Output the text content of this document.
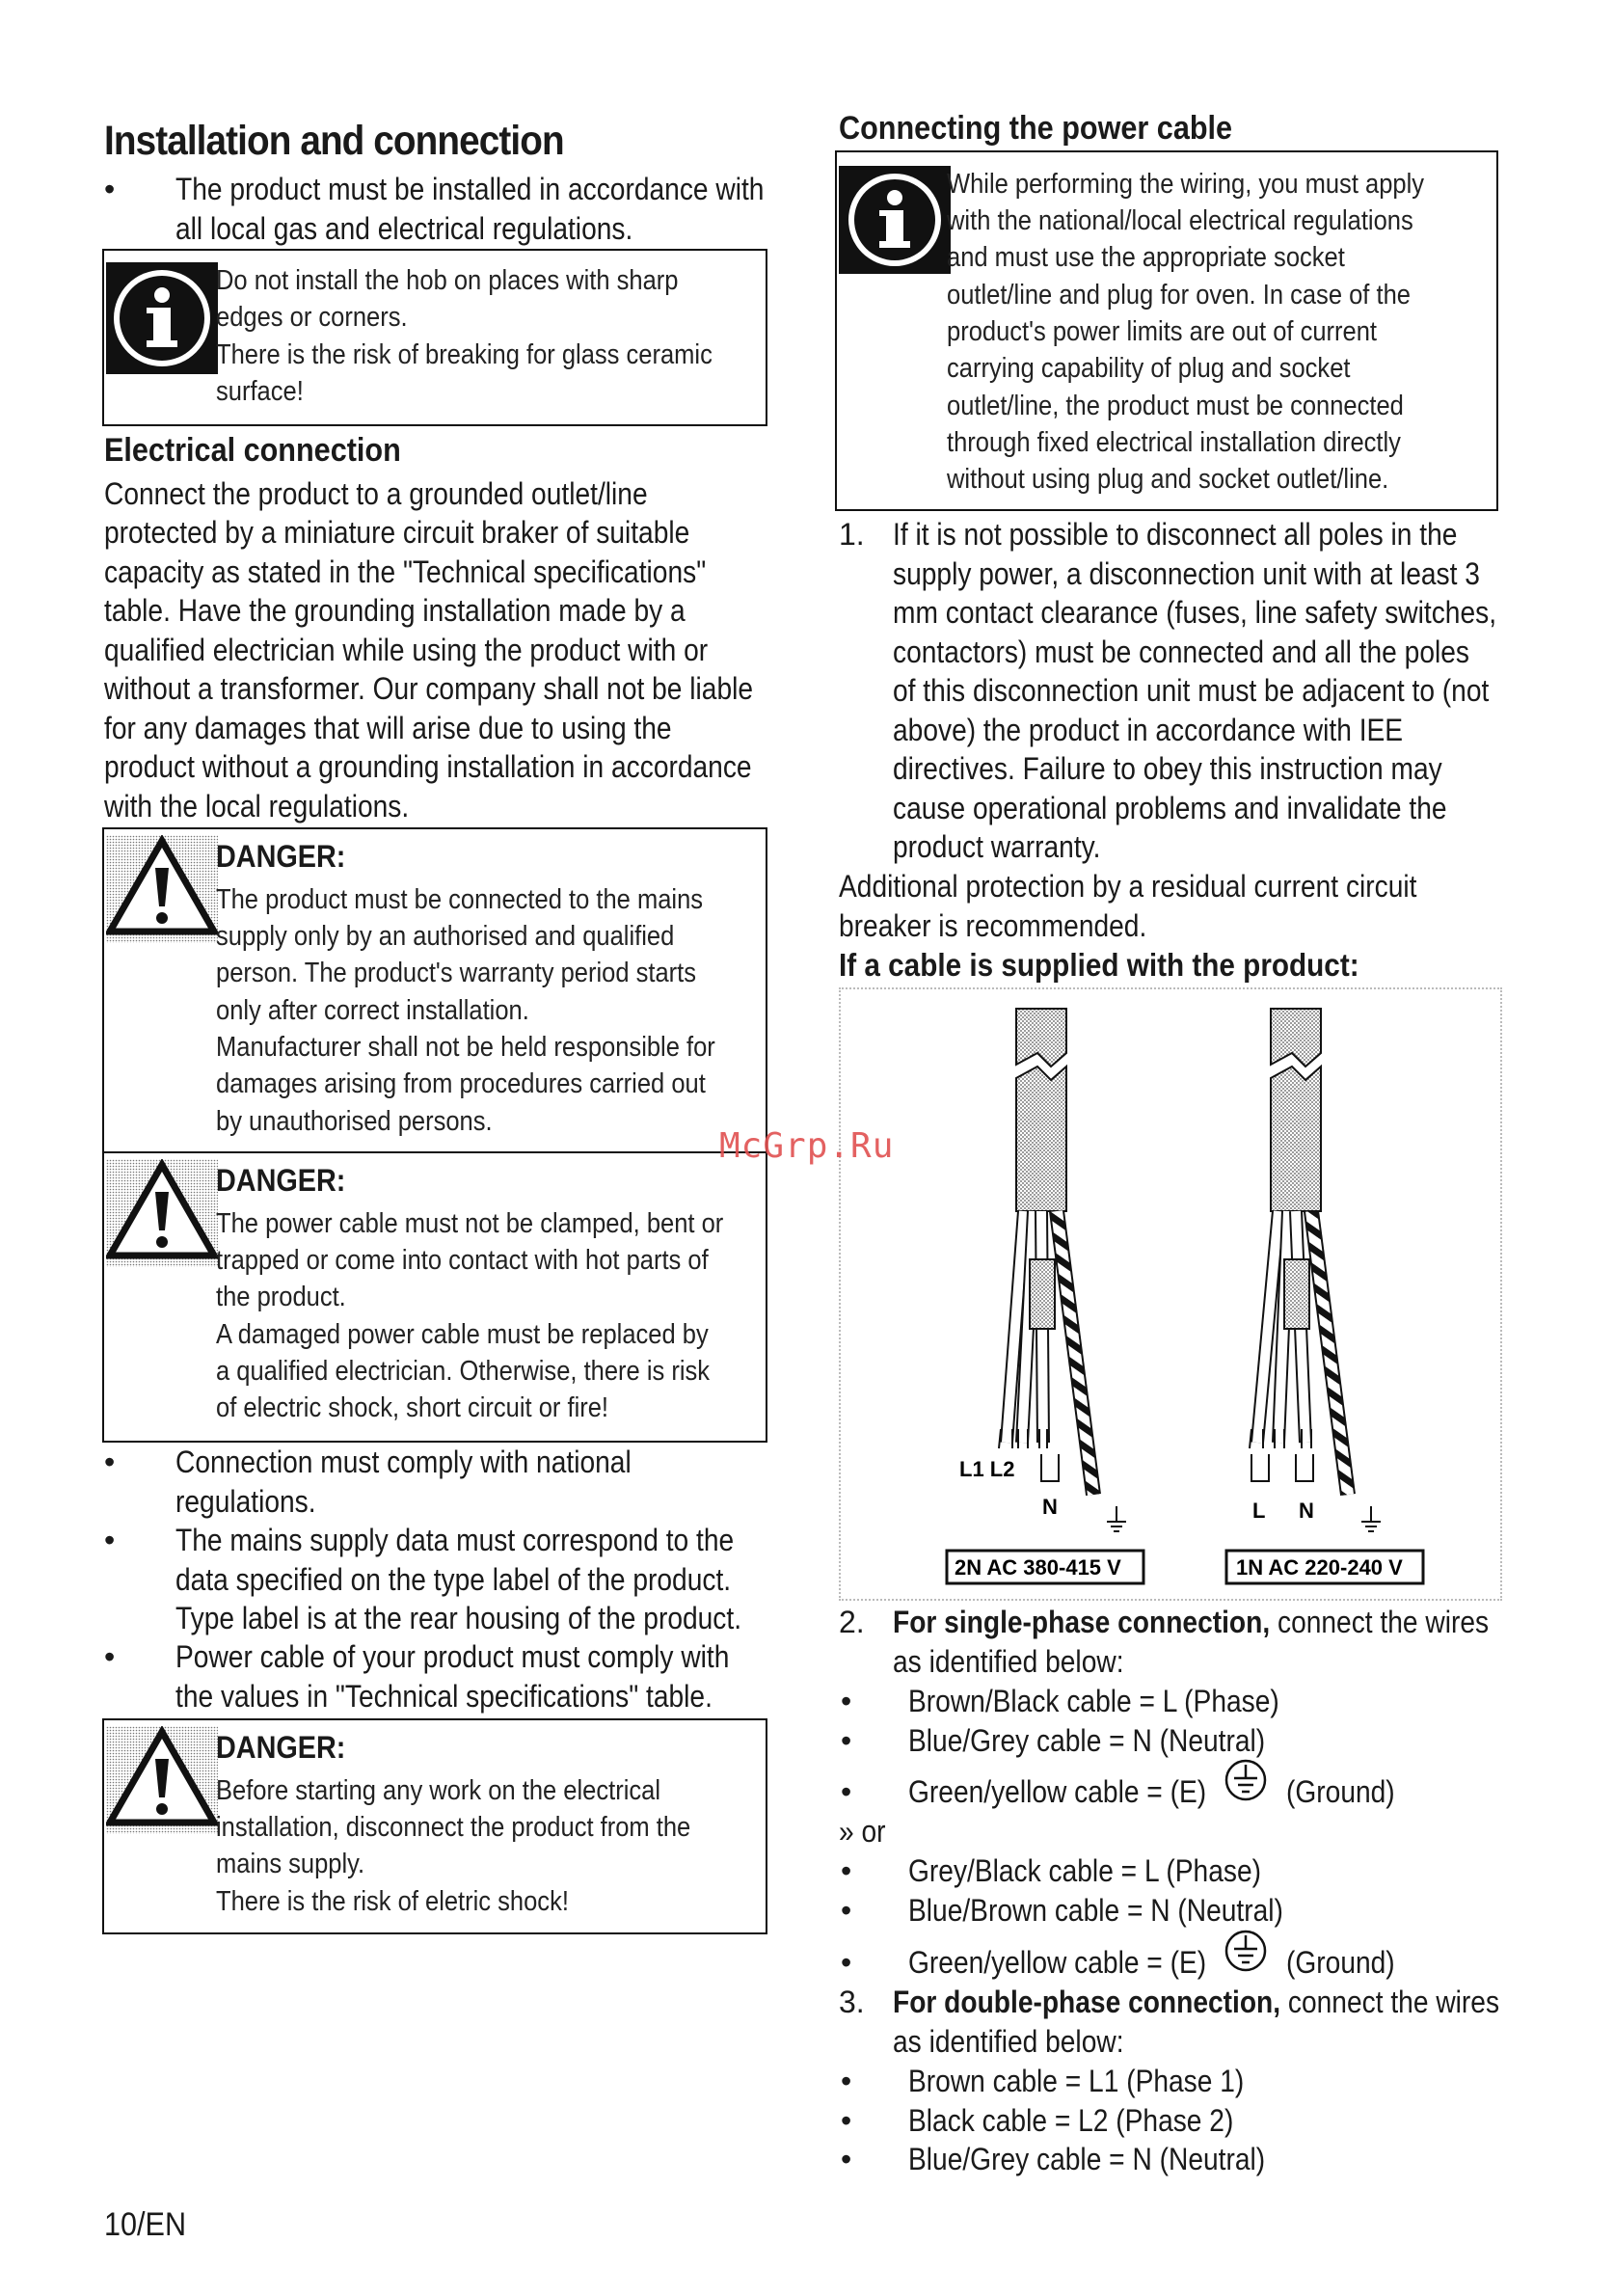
Installation and connection
• The product must be installed in accordance with
all local gas and electrical regulations.
Do not install the hob on places with sharp
edges or corners.
There is the risk of breaking for glass ceramic
surface!
Electrical connection
Connect the product to a grounded outlet/line
protected by a miniature circuit braker of suitable
capacity as stated in the "Technical specifications"
table. Have the grounding installation made by a
qualified electrician while using the product with or
without a transformer. Our company shall not be liable
for any damages that will arise due to using the
product without a grounding installation in accordance
with the local regulations.
DANGER:
The product must be connected to the mains
supply only by an authorised and qualified
person. The product's warranty period starts
only after correct installation.
Manufacturer shall not be held responsible for
damages arising from procedures carried out
by unauthorised persons.
DANGER:
The power cable must not be clamped, bent or
trapped or come into contact with hot parts of
the product.
A damaged power cable must be replaced by
a qualified electrician. Otherwise, there is risk
of electric shock, short circuit or fire!
• Connection must comply with national
regulations.
• The mains supply data must correspond to the
data specified on the type label of the product.
Type label is at the rear housing of the product.
• Power cable of your product must comply with
the values in "Technical specifications" table.
DANGER:
Before starting any work on the electrical
installation, disconnect the product from the
mains supply.
There is the risk of eletric shock!
Connecting the power cable
While performing the wiring, you must apply
with the national/local electrical regulations
and must use the appropriate socket
outlet/line and plug for oven. In case of the
product's power limits are out of current
carrying capability of plug and socket
outlet/line, the product must be connected
through fixed electrical installation directly
without using plug and socket outlet/line.
1. If it is not possible to disconnect all poles in the
supply power, a disconnection unit with at least 3
mm contact clearance (fuses, line safety switches,
contactors) must be connected and all the poles
of this disconnection unit must be adjacent to (not
above) the product in accordance with IEE
directives. Failure to obey this instruction may
cause operational problems and invalidate the
product warranty.
Additional protection by a residual current circuit
breaker is recommended.
If a cable is supplied with the product:
L1 L2
N
2N AC 380-415 V
L N
1N AC 220-240 V
2. For single-phase connection, connect the wires
as identified below:
• Brown/Black cable = L (Phase)
• Blue/Grey cable = N (Neutral)
• Green/yellow cable = (E)	(Ground)
» or
• Grey/Black cable = L (Phase)
• Blue/Brown cable = N (Neutral)
• Green/yellow cable = (E)	(Ground)
3. For double-phase connection, connect the wires
as identified below:
• Brown cable = L1 (Phase 1)
• Black cable = L2 (Phase 2)
• Blue/Grey cable = N (Neutral)
McGrp.Ru
10/EN
